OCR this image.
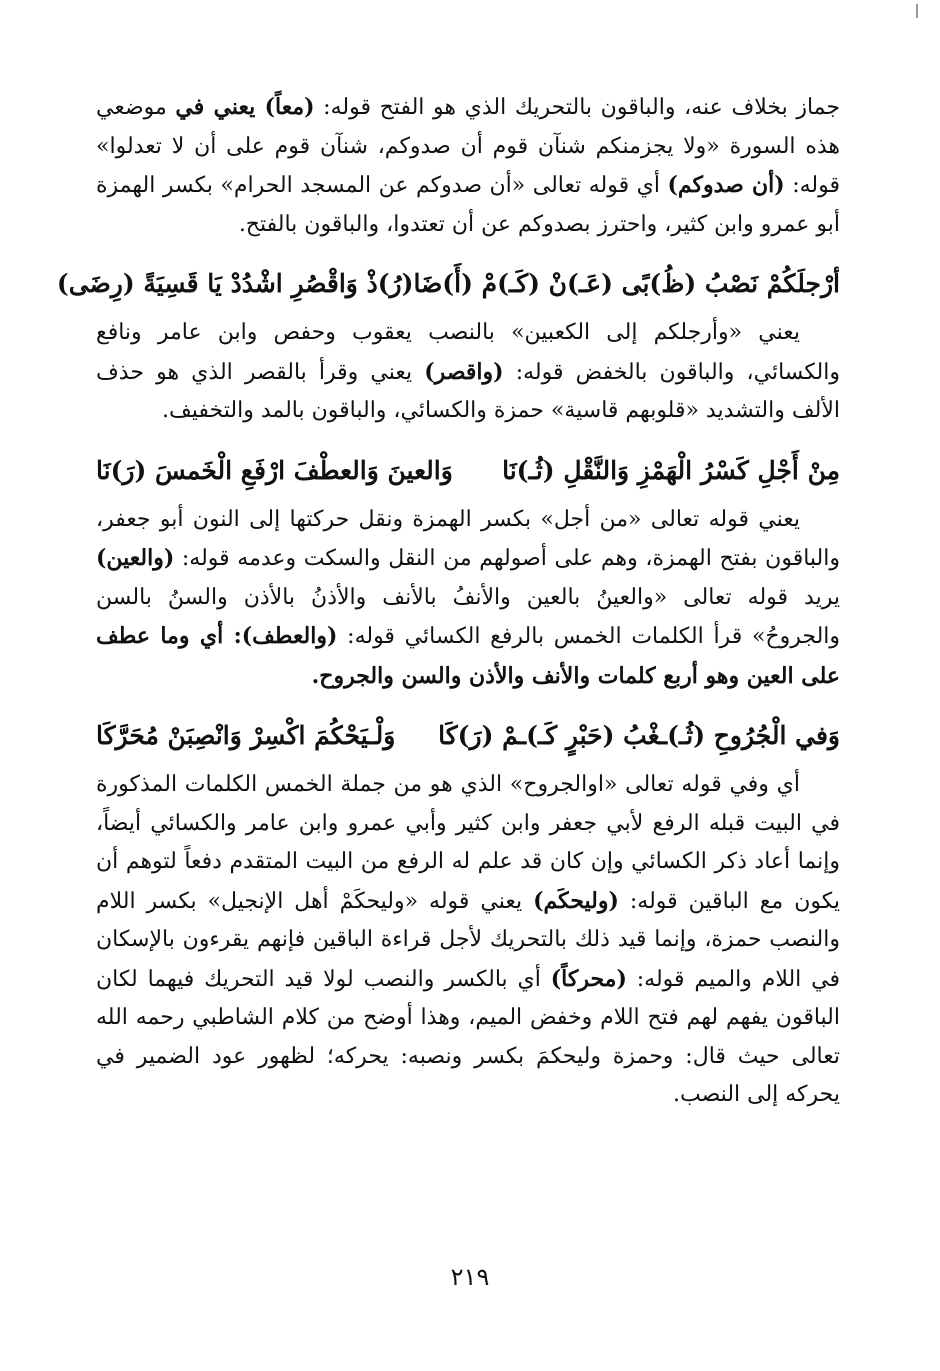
جماز بخلاف عنه، والباقون بالتحريك الذي هو الفتح قوله: (معاً) يعني في موضعي هذه السورة «ولا يجزمنكم شنآن قوم أن صدوكم، شنآن قوم على أن لا تعدلوا» قوله: (أن صدوكم) أي قوله تعالى «أن صدوكم عن المسجد الحرام» بكسر الهمزة أبو عمرو وابن كثير، واحترز بصدوكم عن أن تعتدوا، والباقون بالفتح.

أرْجلَكُمْ نَصْبُ (ظُ)بًى (عَـ)نْ (كَـ)مْ (أَ)ضَا
(رُ)ذْ وَاقْصُرِ اشْدُدْ يَا قَسِيَةً (رِضَى)

يعني «وأرجلكم إلى الكعبين» بالنصب يعقوب وحفص وابن عامر ونافع والكسائي، والباقون بالخفض قوله: (واقصر) يعني وقرأ بالقصر الذي هو حذف الألف والتشديد «قلوبهم قاسية» حمزة والكسائي، والباقون بالمد والتخفيف.

مِنْ أَجْلِ كَسْرُ الْهَمْزِ وَالنَّقْلِ (ثُـ)نَا
وَالعينَ وَالعطْفَ ارْفَعِ الْخَمسَ (رَ)نَا

يعني قوله تعالى «من أجل» بكسر الهمزة ونقل حركتها إلى النون أبو جعفر، والباقون بفتح الهمزة، وهم على أصولهم من النقل والسكت وعدمه قوله: (والعين) يريد قوله تعالى «والعينُ بالعين والأنفُ بالأنف والأذنُ بالأذن والسنُ بالسن والجروحُ» قرأ الكلمات الخمس بالرفع الكسائي قوله: (والعطف): أي وما عطف على العين وهو أربع كلمات والأنف والأذن والسن والجروح.

وَفي الْجُرُوحِ (ثُـ)ـغْبُ (حَبْرٍ كَـ)ـمْ (رَ)كَا
وَلْـيَحْكُمَ اكْسِرْ وَانْصِبَنْ مُحَرَّكَا

أي وفي قوله تعالى «اوالجروح» الذي هو من جملة الخمس الكلمات المذكورة في البيت قبله الرفع لأبي جعفر وابن كثير وأبي عمرو وابن عامر والكسائي أيضاً، وإنما أعاد ذكر الكسائي وإن كان قد علم له الرفع من البيت المتقدم دفعاً لتوهم أن يكون مع الباقين قوله: (وليحكَم) يعني قوله «وليحكَمْ أهل الإنجيل» بكسر اللام والنصب حمزة، وإنما قيد ذلك بالتحريك لأجل قراءة الباقين فإنهم يقرءون بالإسكان في اللام والميم قوله: (محركاً) أي بالكسر والنصب لولا قيد التحريك فيهما لكان الباقون يفهم لهم فتح اللام وخفض الميم، وهذا أوضح من كلام الشاطبي رحمه الله تعالى حيث قال: وحمزة وليحكمَ بكسر ونصبه: يحركه؛ لظهور عود الضمير في يحركه إلى النصب.

٢١٩
